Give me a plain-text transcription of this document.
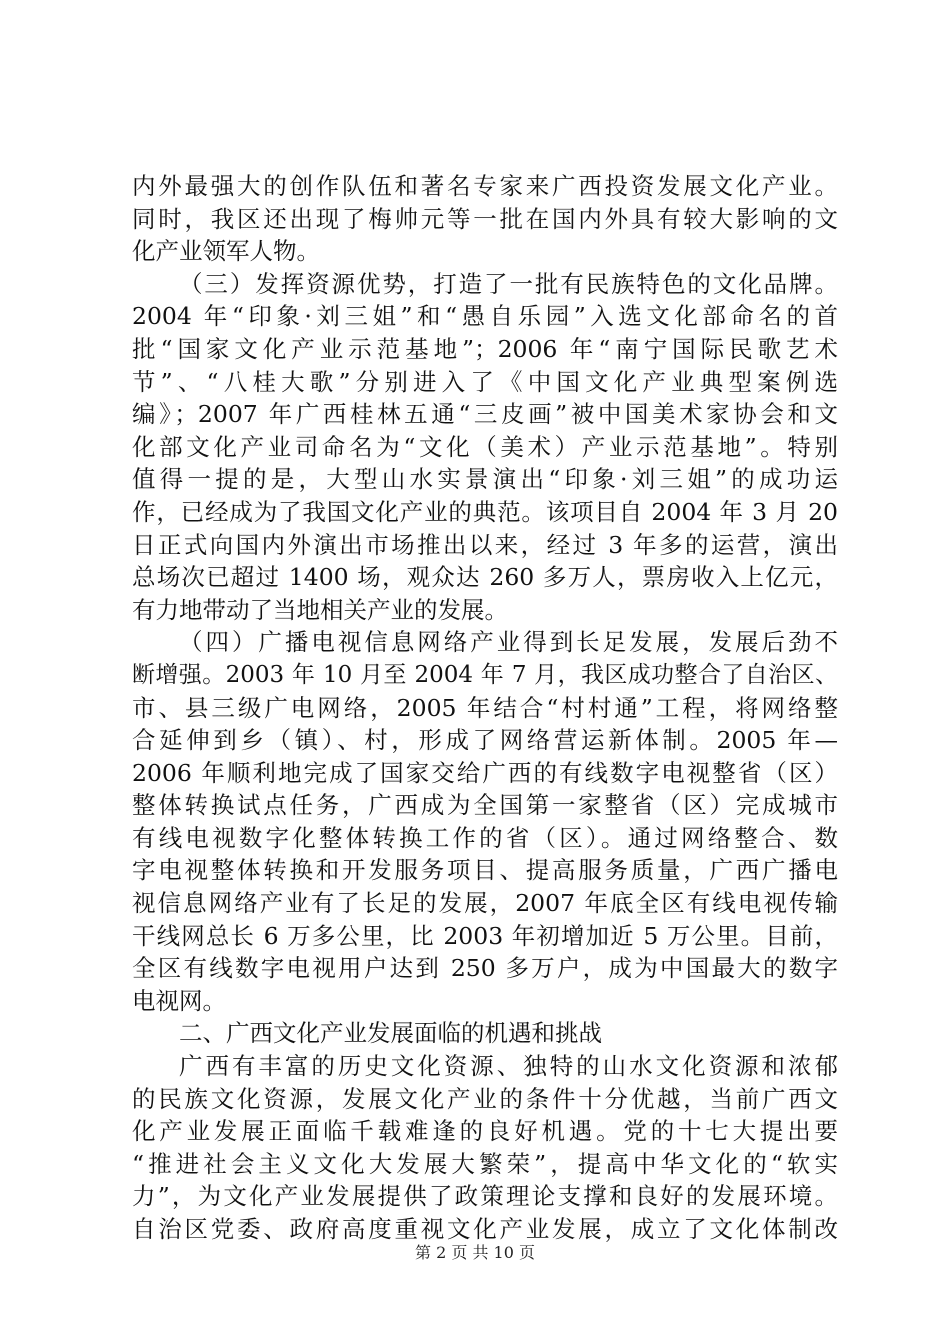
内外最强大的创作队伍和著名专家来广西投资发展文化产业。
同时，我区还出现了梅帅元等一批在国内外具有较大影响的文
化产业领军人物。
（三）发挥资源优势，打造了一批有民族特色的文化品牌。
2004 年“印象·刘三姐”和“愚自乐园”入选文化部命名的首
批“国家文化产业示范基地”；2006 年“南宁国际民歌艺术
节”、“八桂大歌”分别进入了《中国文化产业典型案例选
编》；2007 年广西桂林五通“三皮画”被中国美术家协会和文
化部文化产业司命名为“文化（美术）产业示范基地”。特别
值得一提的是，大型山水实景演出“印象·刘三姐”的成功运
作，已经成为了我国文化产业的典范。该项目自 2004 年 3 月 20
日正式向国内外演出市场推出以来，经过 3 年多的运营，演出
总场次已超过 1400 场，观众达 260 多万人，票房收入上亿元，
有力地带动了当地相关产业的发展。
（四）广播电视信息网络产业得到长足发展，发展后劲不
断增强。2003 年 10 月至 2004 年 7 月，我区成功整合了自治区、
市、县三级广电网络，2005 年结合“村村通”工程，将网络整
合延伸到乡（镇）、村，形成了网络营运新体制。2005 年—
2006 年顺利地完成了国家交给广西的有线数字电视整省（区）
整体转换试点任务，广西成为全国第一家整省（区）完成城市
有线电视数字化整体转换工作的省（区）。通过网络整合、数
字电视整体转换和开发服务项目、提高服务质量，广西广播电
视信息网络产业有了长足的发展，2007 年底全区有线电视传输
干线网总长 6 万多公里，比 2003 年初增加近 5 万公里。目前，
全区有线数字电视用户达到 250 多万户，成为中国最大的数字
电视网。
二、广西文化产业发展面临的机遇和挑战
广西有丰富的历史文化资源、独特的山水文化资源和浓郁
的民族文化资源，发展文化产业的条件十分优越，当前广西文
化产业发展正面临千载难逢的良好机遇。党的十七大提出要
“推进社会主义文化大发展大繁荣”，提高中华文化的“软实
力”，为文化产业发展提供了政策理论支撑和良好的发展环境。
自治区党委、政府高度重视文化产业发展，成立了文化体制改
第 2 页 共 10 页
